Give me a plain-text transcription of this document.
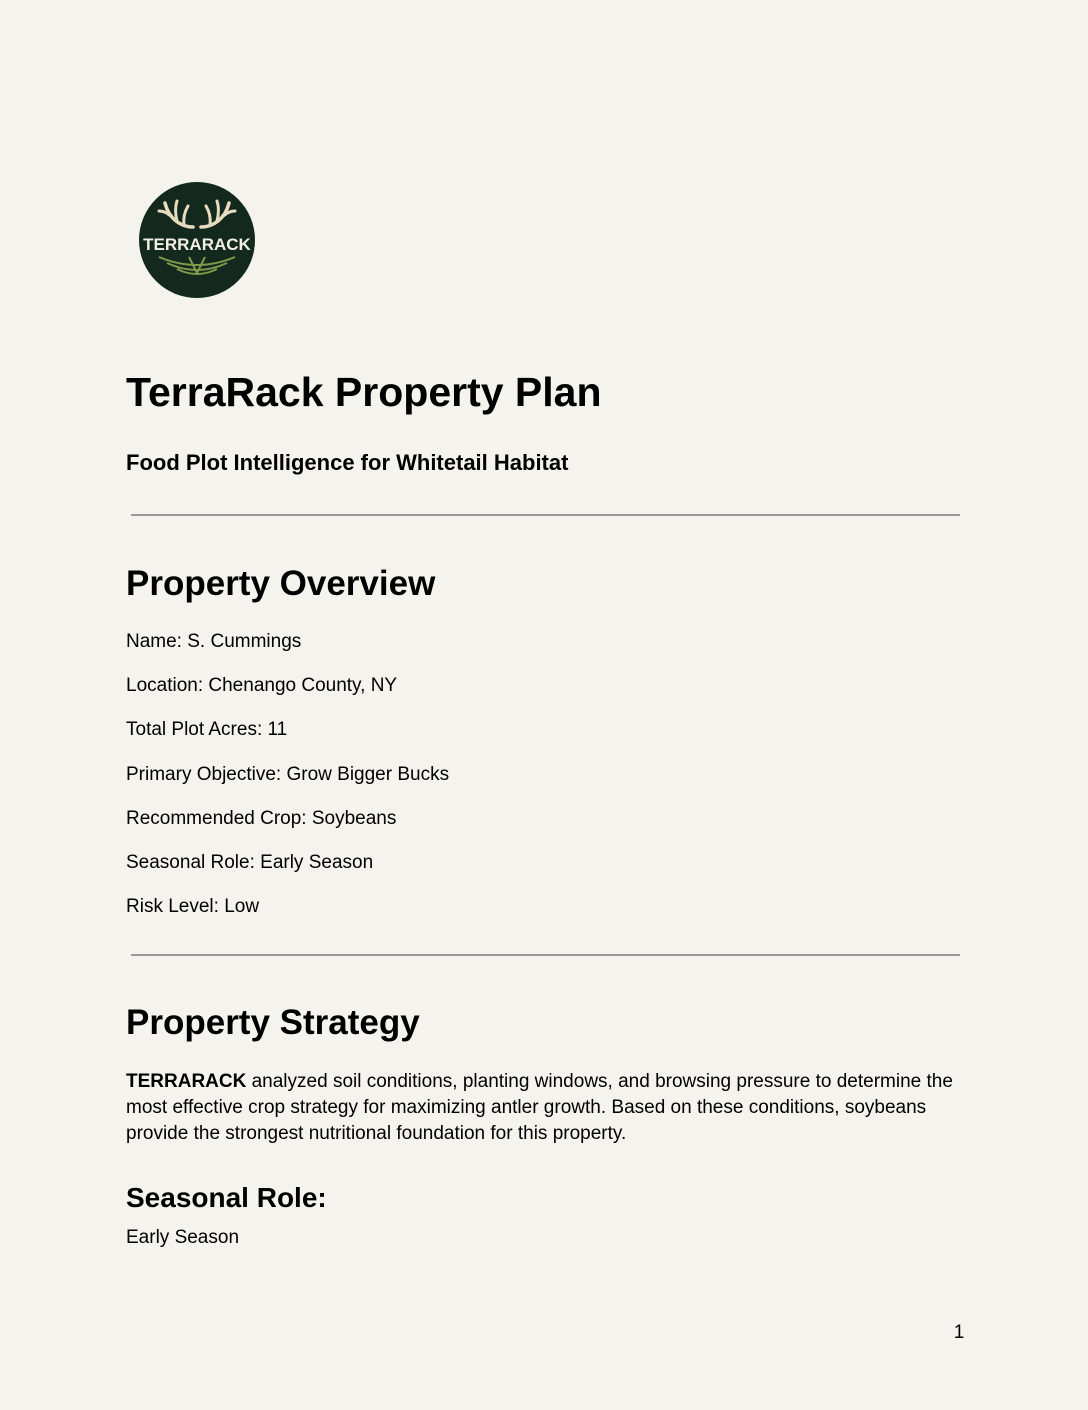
TERRARACK
TerraRack Property Plan

Food Plot Intelligence for Whitetail Habitat

Property Overview
Name: S. Cummings
Location: Chenango County, NY
Total Plot Acres: 11
Primary Objective: Grow Bigger Bucks
Recommended Crop: Soybeans
Seasonal Role: Early Season
Risk Level: Low
Property Strategy

TERRARACK analyzed soil conditions, planting windows, and browsing pressure to determine the most effective crop strategy for maximizing antler growth. Based on these conditions, soybeans provide the strongest nutritional foundation for this property.

Seasonal Role:

Early Season

1
